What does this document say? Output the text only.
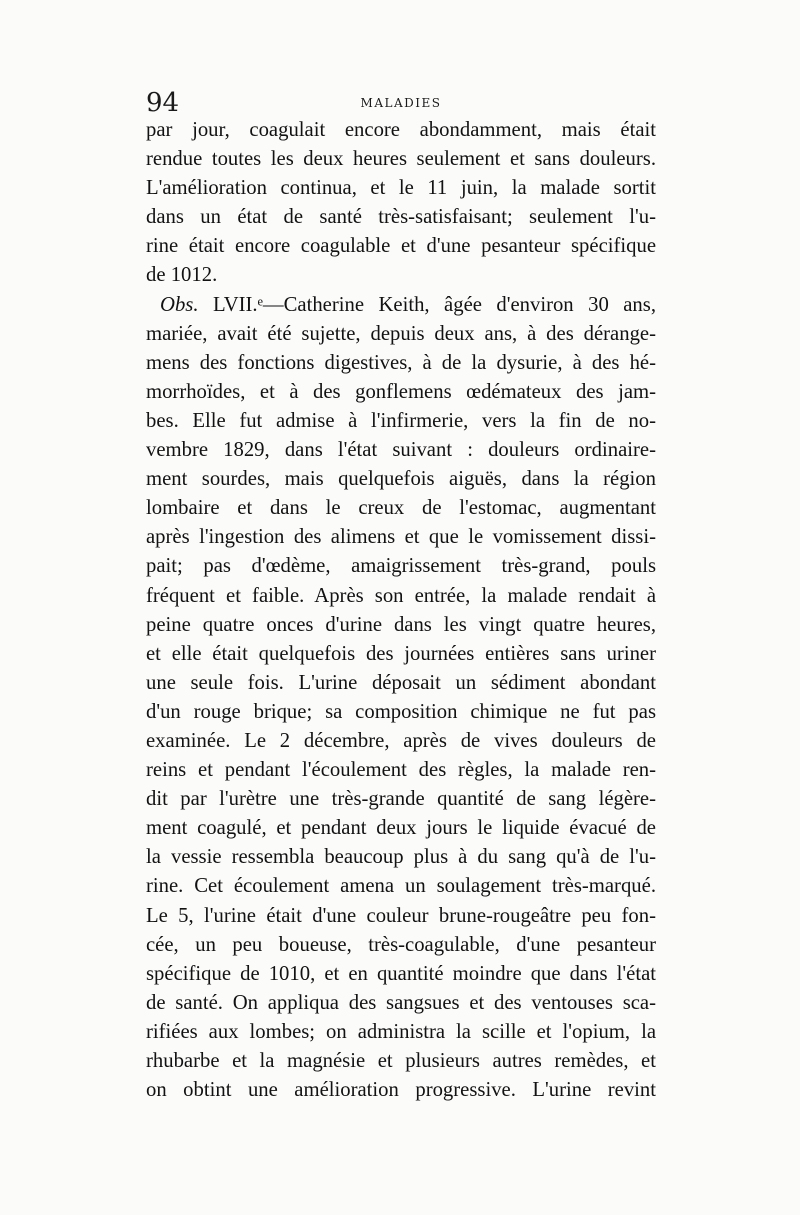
94	MALADIES
par jour, coagulait encore abondamment, mais était
rendue toutes les deux heures seulement et sans douleurs.
L'amélioration continua, et le 11 juin, la malade sortit
dans un état de santé très-satisfaisant; seulement l'u-
rine était encore coagulable et d'une pesanteur spécifique
de 1012.
Obs. LVII.ᵉ—Catherine Keith, âgée d'environ 30 ans,
mariée, avait été sujette, depuis deux ans, à des dérange-
mens des fonctions digestives, à de la dysurie, à des hé-
morrhoïdes, et à des gonflemens œdémateux des jam-
bes. Elle fut admise à l'infirmerie, vers la fin de no-
vembre 1829, dans l'état suivant : douleurs ordinaire-
ment sourdes, mais quelquefois aiguës, dans la région
lombaire et dans le creux de l'estomac, augmentant
après l'ingestion des alimens et que le vomissement dissi-
pait; pas d'œdème, amaigrissement très-grand, pouls
fréquent et faible. Après son entrée, la malade rendait à
peine quatre onces d'urine dans les vingt quatre heures,
et elle était quelquefois des journées entières sans uriner
une seule fois. L'urine déposait un sédiment abondant
d'un rouge brique; sa composition chimique ne fut pas
examinée. Le 2 décembre, après de vives douleurs de
reins et pendant l'écoulement des règles, la malade ren-
dit par l'urètre une très-grande quantité de sang légère-
ment coagulé, et pendant deux jours le liquide évacué de
la vessie ressembla beaucoup plus à du sang qu'à de l'u-
rine. Cet écoulement amena un soulagement très-marqué.
Le 5, l'urine était d'une couleur brune-rougeâtre peu fon-
cée, un peu boueuse, très-coagulable, d'une pesanteur
spécifique de 1010, et en quantité moindre que dans l'état
de santé. On appliqua des sangsues et des ventouses sca-
rifiées aux lombes; on administra la scille et l'opium, la
rhubarbe et la magnésie et plusieurs autres remèdes, et
on obtint une amélioration progressive. L'urine revint
